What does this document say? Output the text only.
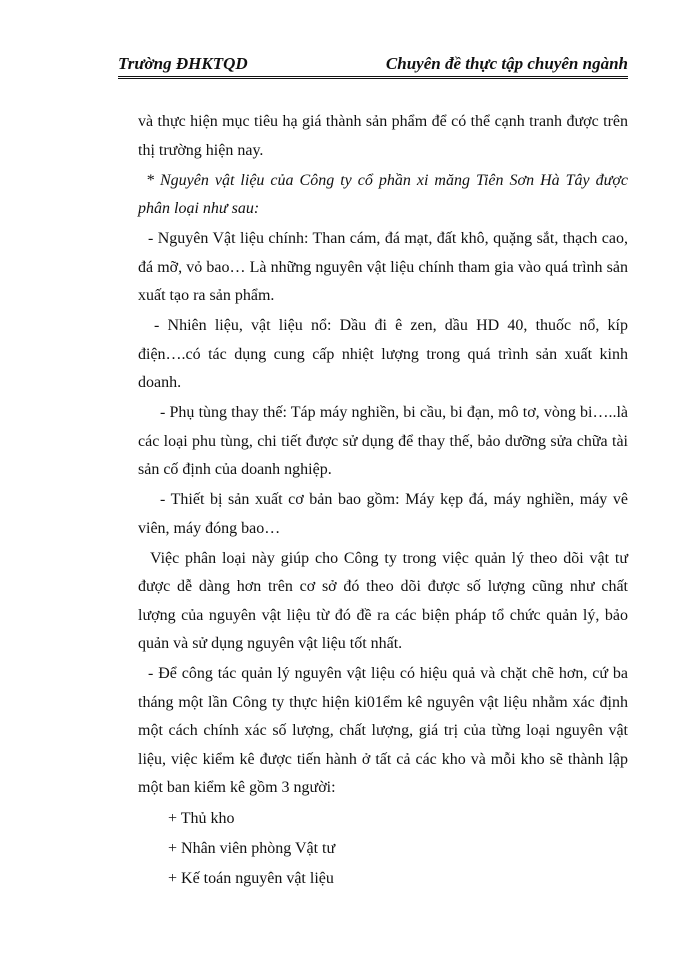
Trường ĐHKTQD	Chuyên đề thực tập chuyên ngành

và thực hiện mục tiêu hạ giá thành sản phẩm để có thể cạnh tranh được trên thị trường hiện nay.

* Nguyên vật liệu của Công ty cổ phần xi măng Tiên Sơn Hà Tây được phân loại như sau:

- Nguyên Vật liệu chính: Than cám, đá mạt, đất khô, quặng sắt, thạch cao, đá mỡ, vỏ bao… Là những nguyên vật liệu chính tham gia vào quá trình sản xuất tạo ra sản phẩm.

- Nhiên liệu, vật liệu nổ: Dầu đi ê zen, dầu HD 40, thuốc nổ, kíp điện….có tác dụng cung cấp nhiệt lượng trong quá trình sản xuất kinh doanh.

- Phụ tùng thay thế: Táp máy nghiền, bi cầu, bi đạn, mô tơ, vòng bi…..là các loại phu tùng, chi tiết được sử dụng để thay thế, bảo dưỡng sửa chữa tài sản cố định của doanh nghiệp.

- Thiết bị sản xuất cơ bản bao gồm: Máy kẹp đá, máy nghiền, máy vê viên, máy đóng bao…

Việc phân loại này giúp cho Công ty trong việc quản lý theo dõi vật tư được dễ dàng hơn trên cơ sở đó theo dõi được số lượng cũng như chất lượng của nguyên vật liệu từ đó đề ra các biện pháp tổ chức quản lý, bảo quản và sử dụng nguyên vật liệu tốt nhất.

- Để công tác quản lý nguyên vật liệu có hiệu quả và chặt chẽ hơn, cứ ba tháng một lần Công ty thực hiện ki01ểm kê nguyên vật liệu nhằm xác định một cách chính xác số lượng, chất lượng, giá trị của từng loại nguyên vật liệu, việc kiểm kê được tiến hành ở tất cả các kho và mỗi kho sẽ thành lập một ban kiểm kê gồm 3 người:

+ Thủ kho

+ Nhân viên phòng Vật tư

+ Kế toán nguyên vật liệu
